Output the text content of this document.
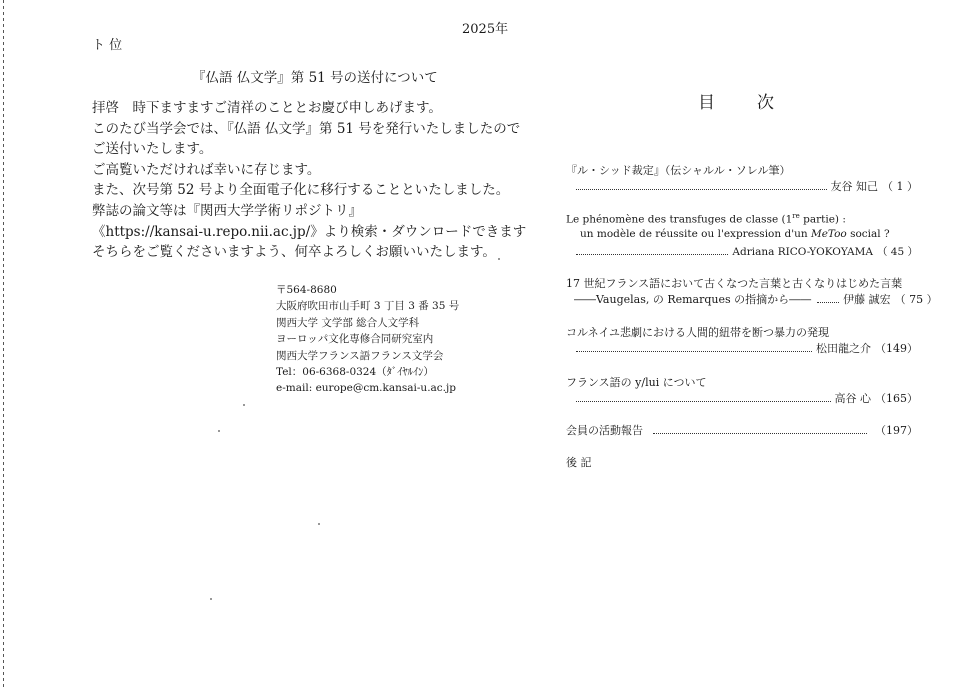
2025年
ト 位
『仏語 仏文学』第 51 号の送付について
拝啓　時下ますますご清祥のこととお慶び申しあげます。
このたび当学会では、『仏語 仏文学』第 51 号を発行いたしましたので
ご送付いたします。
ご高覧いただければ幸いに存じます。
また、次号第 52 号より全面電子化に移行することといたしました。
弊誌の論文等は『関西大学学術リポジトリ』
《https://kansai-u.repo.nii.ac.jp/》より検索・ダウンロードできます
そちらをご覧くださいますよう、何卒よろしくお願いいたします。
〒564-8680
大阪府吹田市山手町 3 丁目 3 番 35 号
関西大学 文学部 総合人文学科
ヨーロッパ文化専修合同研究室内
関西大学フランス語フランス文学会
Tel：06-6368-0324（ﾀﾞｲﾔﾙｲﾝ）
e-mail: europe@cm.kansai-u.ac.jp
目 次
『ル・シッド裁定』（伝シャルル・ソレル筆）
友谷 知己 （ 1 ）
Le phénomène des transfuges de classe (1re partie) :
un modèle de réussite ou l'expression d'un MeToo social ?
Adriana RICO-YOKOYAMA （ 45 ）
17 世紀フランス語において古くなつた言葉と古くなりはじめた言葉
――Vaugelas, の Remarques の指摘から――	伊藤 誠宏 （ 75 ）
コルネイユ悲劇における人間的紐帯を断つ暴力の発現
松田龍之介 （149）
フランス語の y/lui について
高谷 心 （165）
会員の活動報告	（197）
後 記
